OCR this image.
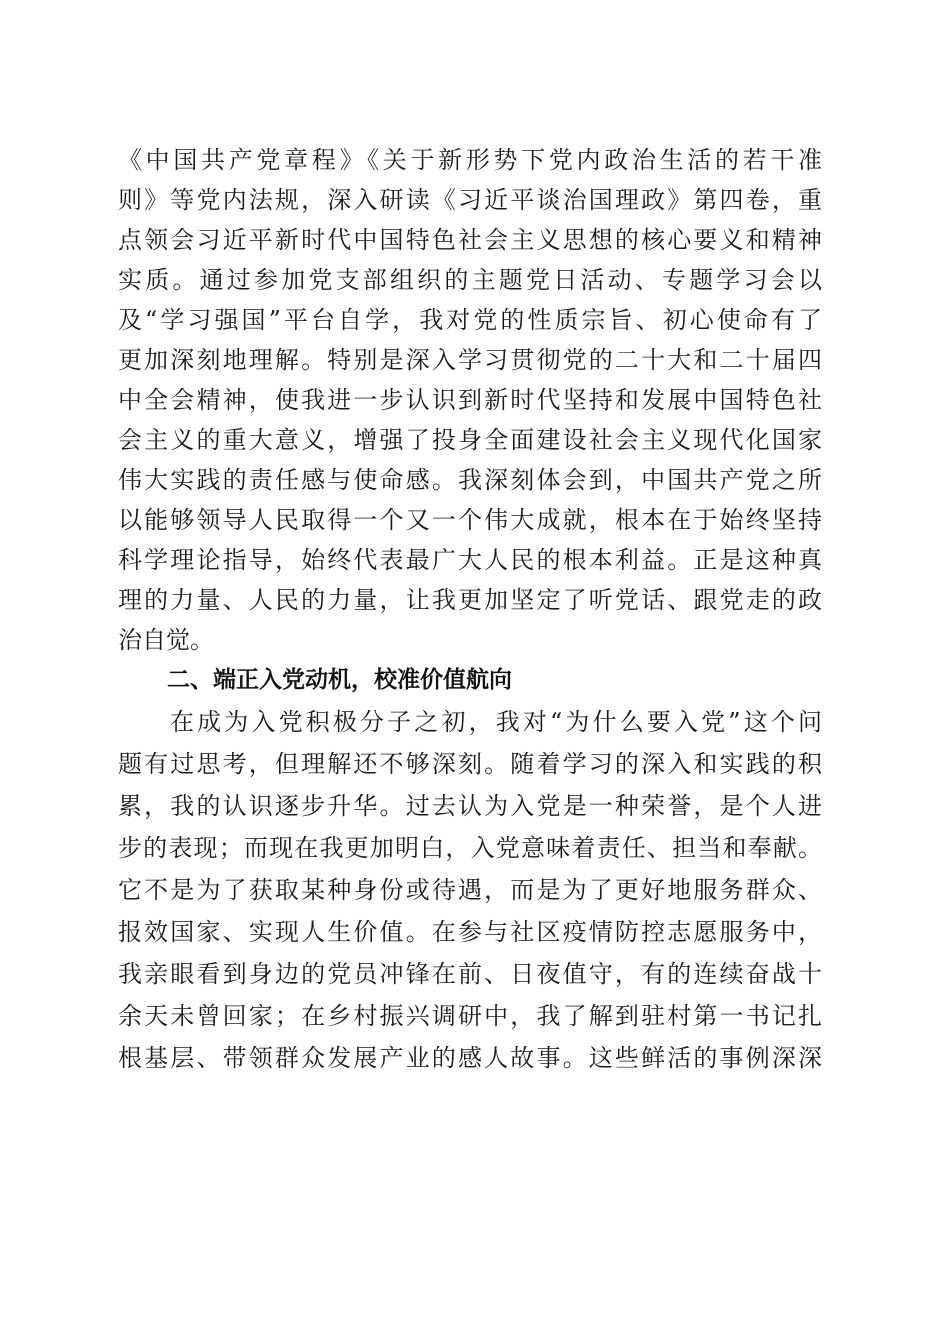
《中国共产党章程》《关于新形势下党内政治生活的若干准
则》等党内法规，深入研读《习近平谈治国理政》第四卷，重
点领会习近平新时代中国特色社会主义思想的核心要义和精神
实质。通过参加党支部组织的主题党日活动、专题学习会以
及“学习强国”平台自学，我对党的性质宗旨、初心使命有了
更加深刻地理解。特别是深入学习贯彻党的二十大和二十届四
中全会精神，使我进一步认识到新时代坚持和发展中国特色社
会主义的重大意义，增强了投身全面建设社会主义现代化国家
伟大实践的责任感与使命感。我深刻体会到，中国共产党之所
以能够领导人民取得一个又一个伟大成就，根本在于始终坚持
科学理论指导，始终代表最广大人民的根本利益。正是这种真
理的力量、人民的力量，让我更加坚定了听党话、跟党走的政
治自觉。
二、端正入党动机，校准价值航向
在成为入党积极分子之初，我对“为什么要入党”这个问
题有过思考，但理解还不够深刻。随着学习的深入和实践的积
累，我的认识逐步升华。过去认为入党是一种荣誉，是个人进
步的表现；而现在我更加明白，入党意味着责任、担当和奉献。
它不是为了获取某种身份或待遇，而是为了更好地服务群众、
报效国家、实现人生价值。在参与社区疫情防控志愿服务中，
我亲眼看到身边的党员冲锋在前、日夜值守，有的连续奋战十
余天未曾回家；在乡村振兴调研中，我了解到驻村第一书记扎
根基层、带领群众发展产业的感人故事。这些鲜活的事例深深
